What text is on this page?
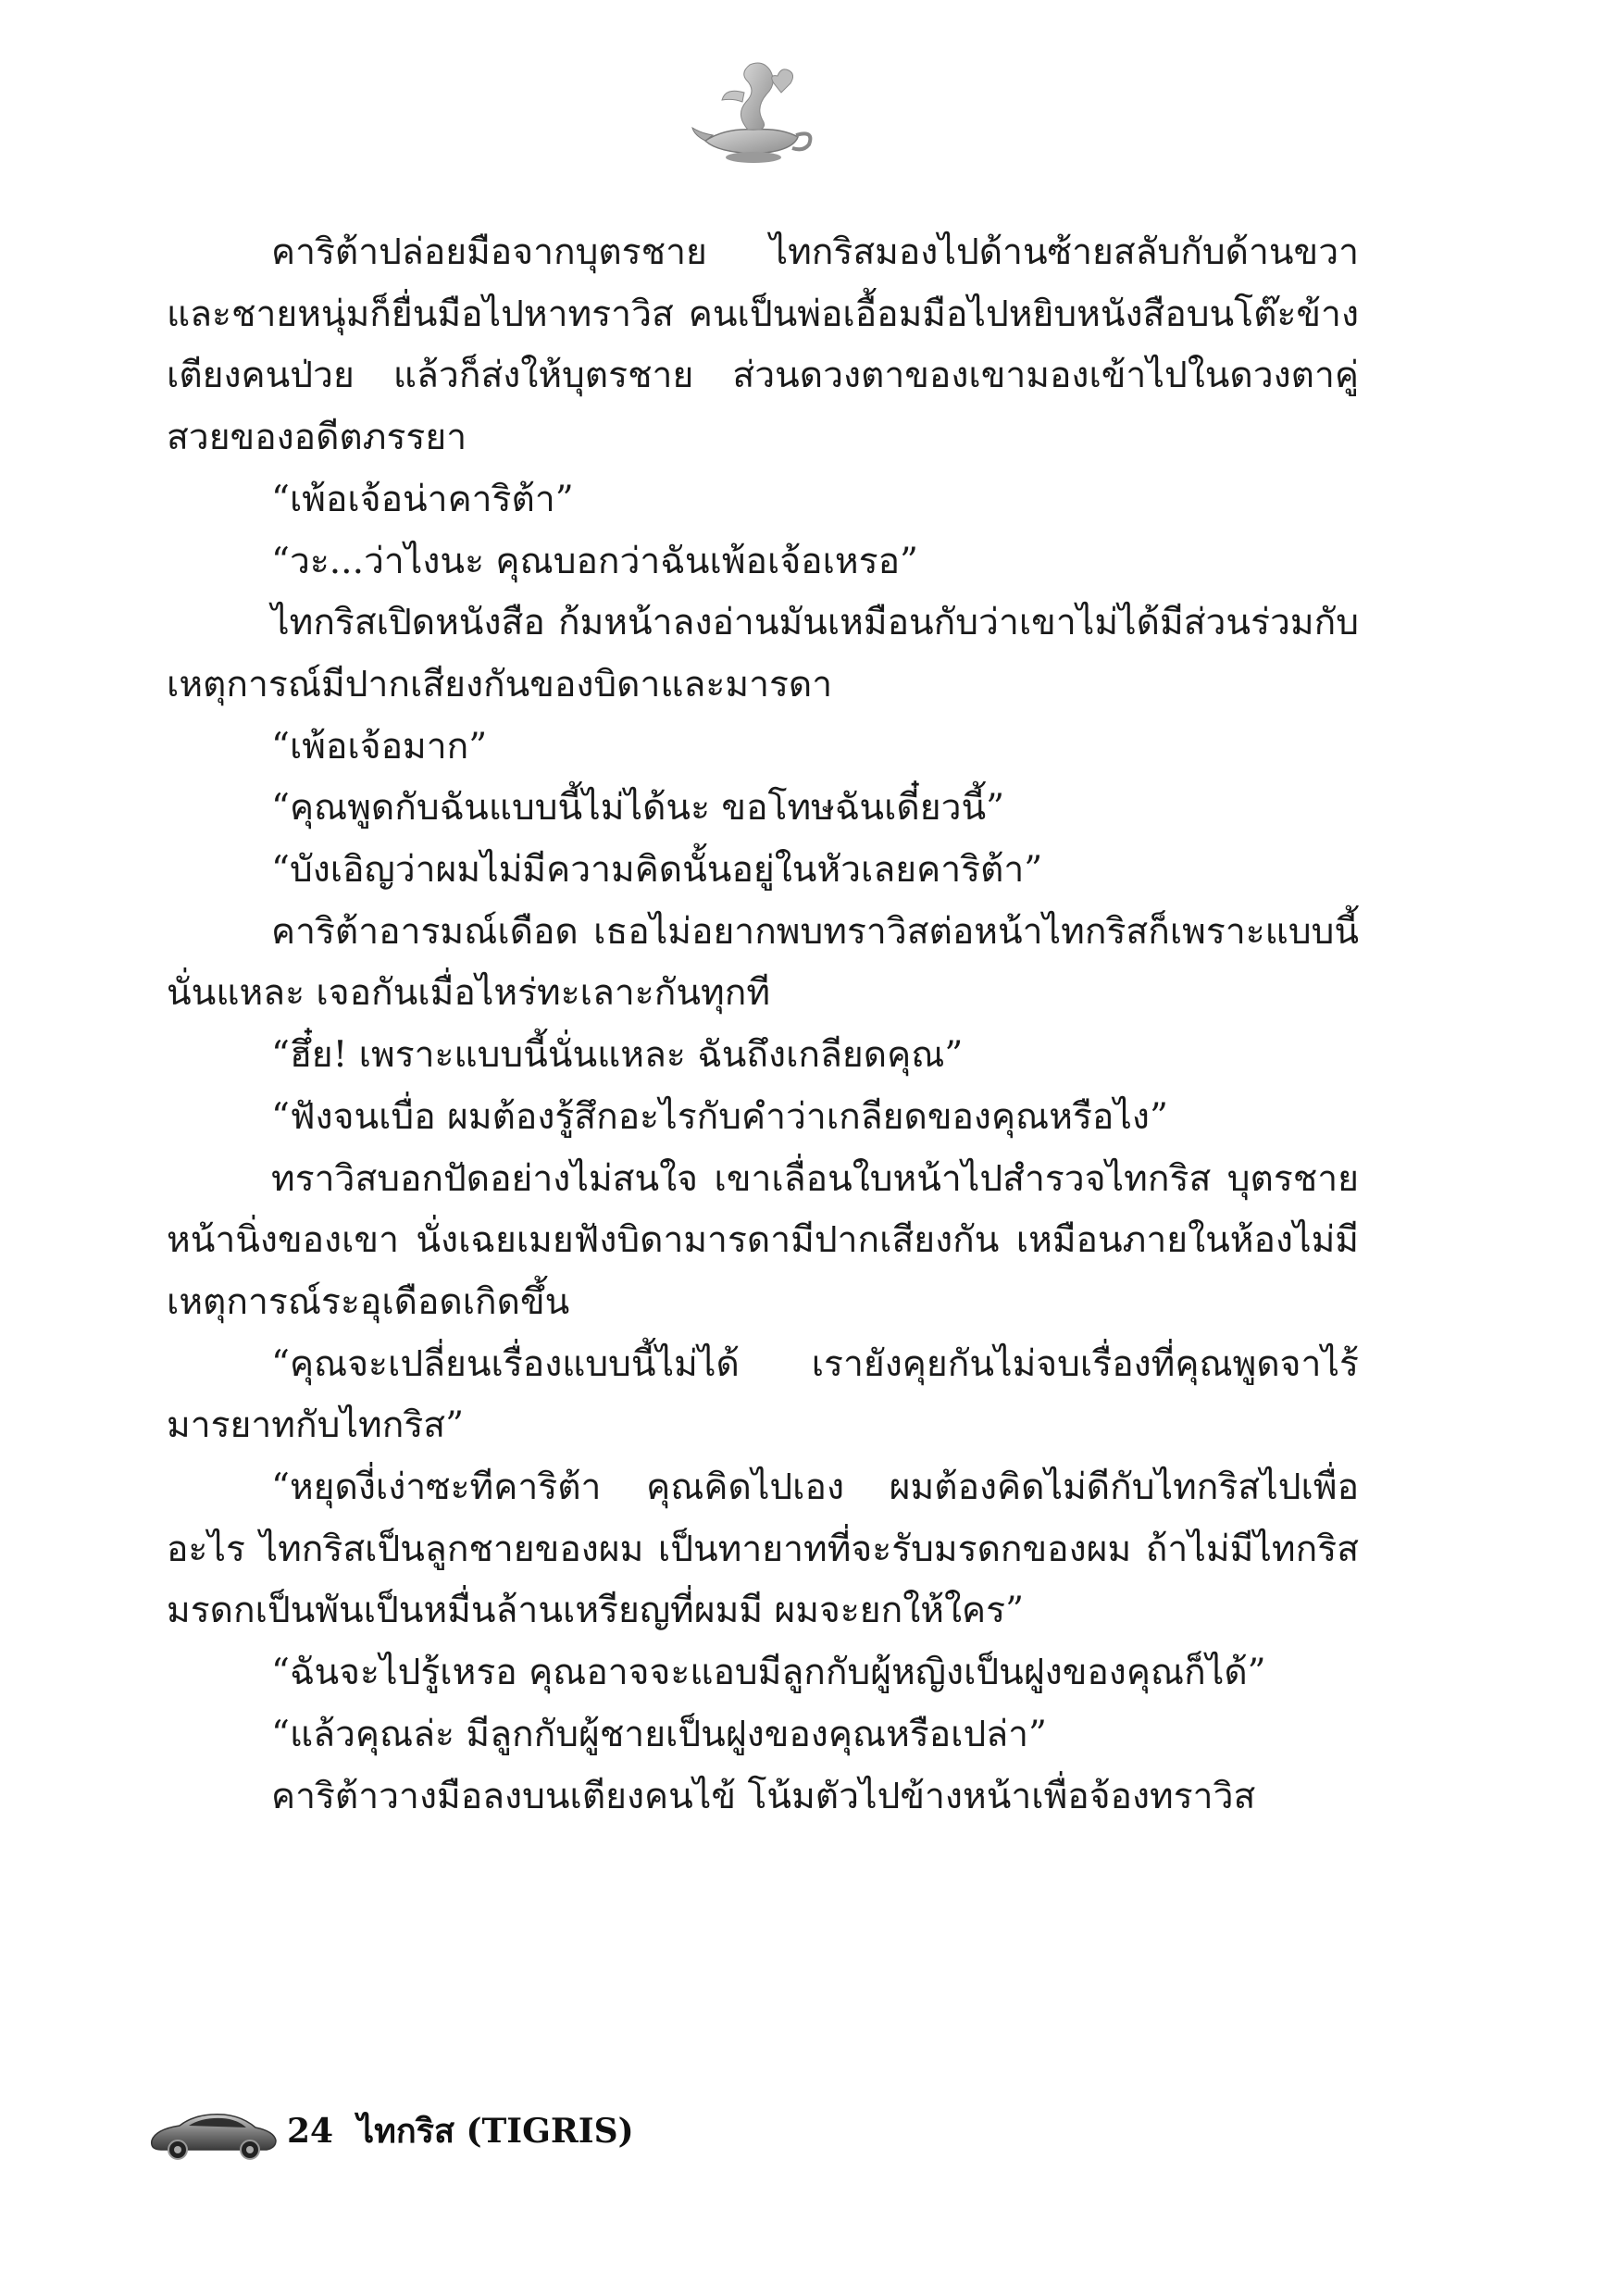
คาริต้าปล่อยมือจากบุตรชาย ไทกริสมองไปด้านซ้ายสลับกับด้านขวา และชายหนุ่มก็ยื่นมือไปหาทราวิส คนเป็นพ่อเอื้อมมือไปหยิบหนังสือบนโต๊ะข้างเตียงคนป่วย แล้วก็ส่งให้บุตรชาย ส่วนดวงตาของเขามองเข้าไปในดวงตาคู่สวยของอดีตภรรยา

“เพ้อเจ้อน่าคาริต้า”

“วะ...ว่าไงนะ คุณบอกว่าฉันเพ้อเจ้อเหรอ”

ไทกริสเปิดหนังสือ ก้มหน้าลงอ่านมันเหมือนกับว่าเขาไม่ได้มีส่วนร่วมกับเหตุการณ์มีปากเสียงกันของบิดาและมารดา

“เพ้อเจ้อมาก”

“คุณพูดกับฉันแบบนี้ไม่ได้นะ ขอโทษฉันเดี๋ยวนี้”

“บังเอิญว่าผมไม่มีความคิดนั้นอยู่ในหัวเลยคาริต้า”

คาริต้าอารมณ์เดือด เธอไม่อยากพบทราวิสต่อหน้าไทกริสก็เพราะแบบนี้นั่นแหละ เจอกันเมื่อไหร่ทะเลาะกันทุกที

“ฮึ๋ย! เพราะแบบนี้นั่นแหละ ฉันถึงเกลียดคุณ”

“ฟังจนเบื่อ ผมต้องรู้สึกอะไรกับคำว่าเกลียดของคุณหรือไง”

ทราวิสบอกปัดอย่างไม่สนใจ เขาเลื่อนใบหน้าไปสำรวจไทกริส บุตรชายหน้านิ่งของเขา นั่งเฉยเมยฟังบิดามารดามีปากเสียงกัน เหมือนภายในห้องไม่มีเหตุการณ์ระอุเดือดเกิดขึ้น

“คุณจะเปลี่ยนเรื่องแบบนี้ไม่ได้ เรายังคุยกันไม่จบเรื่องที่คุณพูดจาไร้มารยาทกับไทกริส”

“หยุดงี่เง่าซะทีคาริต้า คุณคิดไปเอง ผมต้องคิดไม่ดีกับไทกริสไปเพื่ออะไร ไทกริสเป็นลูกชายของผม เป็นทายาทที่จะรับมรดกของผม ถ้าไม่มีไทกริส มรดกเป็นพันเป็นหมื่นล้านเหรียญที่ผมมี ผมจะยกให้ใคร”

“ฉันจะไปรู้เหรอ คุณอาจจะแอบมีลูกกับผู้หญิงเป็นฝูงของคุณก็ได้”

“แล้วคุณล่ะ มีลูกกับผู้ชายเป็นฝูงของคุณหรือเปล่า”

คาริต้าวางมือลงบนเตียงคนไข้ โน้มตัวไปข้างหน้าเพื่อจ้องทราวิส

24 ไทกริส (TIGRIS)
